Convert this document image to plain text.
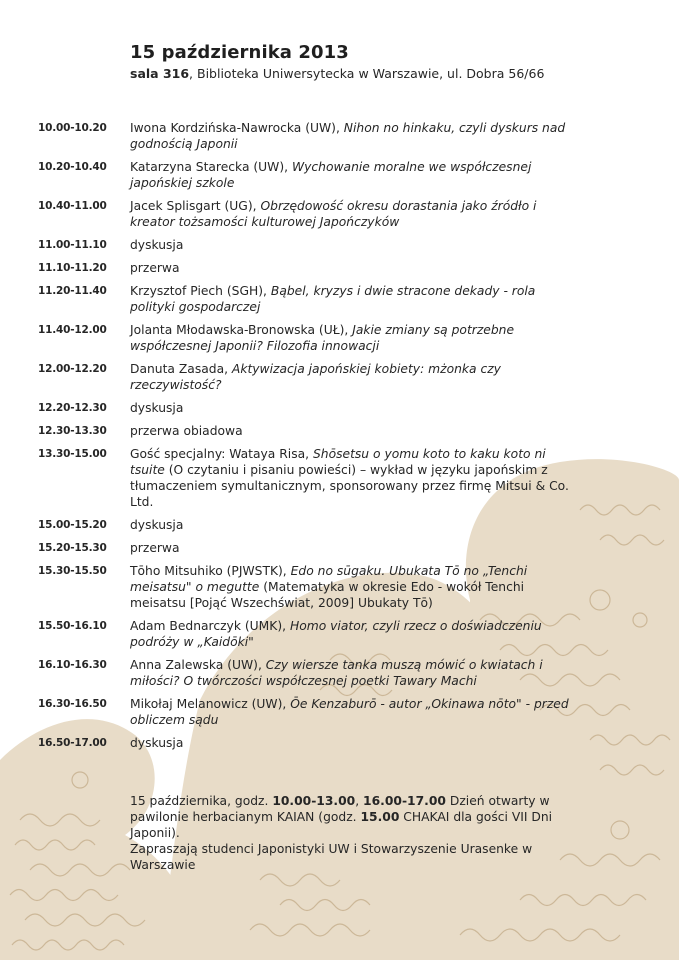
15 października 2013
sala 316, Biblioteka Uniwersytecka w Warszawie, ul. Dobra 56/66
10.00-10.20	Iwona Kordzińska-Nawrocka (UW), Nihon no hinkaku, czyli dyskurs nad godnością Japonii
10.20-10.40	Katarzyna Starecka (UW), Wychowanie moralne we współczesnej japońskiej szkole
10.40-11.00	Jacek Splisgart (UG), Obrzędowość okresu dorastania jako źródło i kreator tożsamości kulturowej Japończyków
11.00-11.10	dyskusja
11.10-11.20	przerwa
11.20-11.40	Krzysztof Piech (SGH), Bąbel, kryzys i dwie stracone dekady - rola polityki gospodarczej
11.40-12.00	Jolanta Młodawska-Bronowska (UŁ), Jakie zmiany są potrzebne współczesnej Japonii? Filozofia innowacji
12.00-12.20	Danuta Zasada, Aktywizacja japońskiej kobiety: mżonka czy rzeczywistość?
12.20-12.30	dyskusja
12.30-13.30	przerwa obiadowa
13.30-15.00	Gość specjalny: Wataya Risa, Shōsetsu o yomu koto to kaku koto ni tsuite (O czytaniu i pisaniu powieści) – wykład w języku japońskim z tłumaczeniem symultanicznym, sponsorowany przez firmę Mitsui & Co. Ltd.
15.00-15.20	dyskusja
15.20-15.30	przerwa
15.30-15.50	Tōho Mitsuhiko (PJWSTK), Edo no sūgaku. Ubukata Tō no „Tenchi meisatsu" o megutte (Matematyka w okresie Edo - wokół Tenchi meisatsu [Pojąć Wszechświat, 2009] Ubukaty Tō)
15.50-16.10	Adam Bednarczyk (UMK), Homo viator, czyli rzecz o doświadczeniu podróży w „Kaidōki"
16.10-16.30	Anna Zalewska (UW), Czy wiersze tanka muszą mówić o kwiatach i miłości? O twórczości współczesnej poetki Tawary Machi
16.30-16.50	Mikołaj Melanowicz (UW), Ōe Kenzaburō - autor „Okinawa nōto" - przed obliczem sądu
16.50-17.00	dyskusja
15 października, godz. 10.00-13.00, 16.00-17.00 Dzień otwarty w pawilonie herbacianym KAIAN (godz. 15.00 CHAKAI dla gości VII Dni Japonii).
Zapraszają studenci Japonistyki UW i Stowarzyszenie Urasenke w Warszawie
